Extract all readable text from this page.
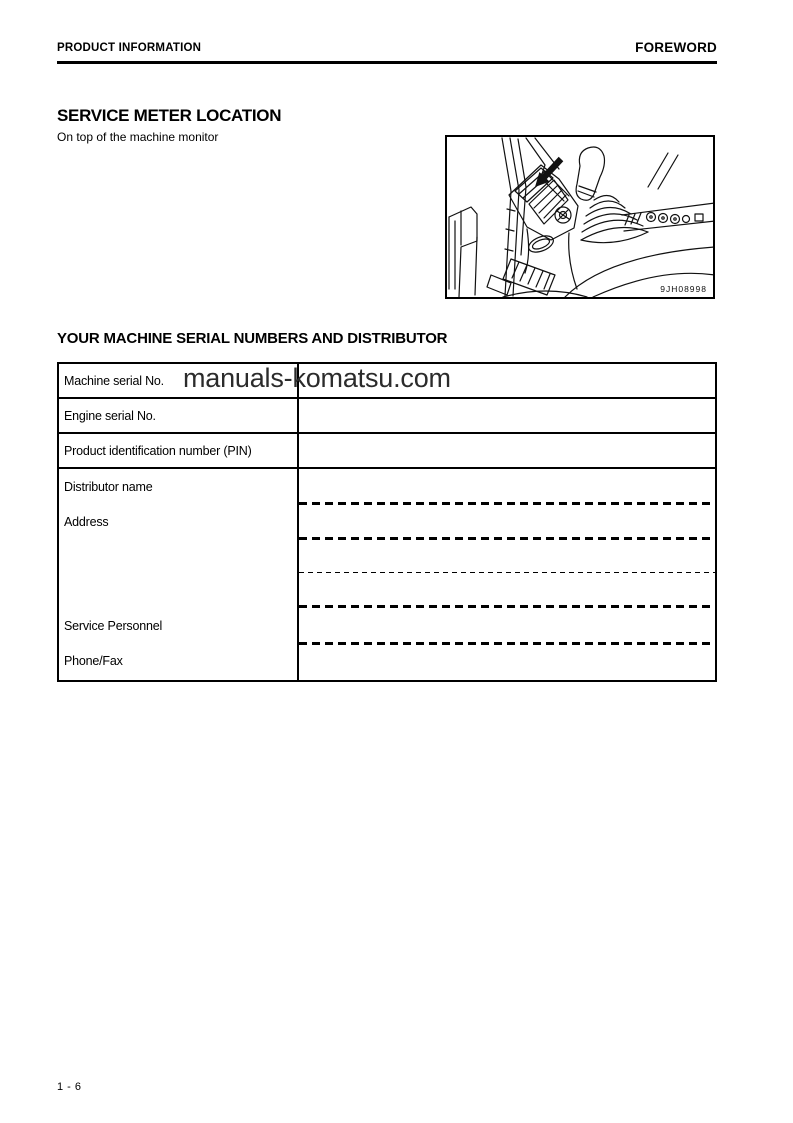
PRODUCT INFORMATION	FOREWORD
SERVICE METER LOCATION

On top of the machine monitor

9JH08998
YOUR MACHINE SERIAL NUMBERS AND DISTRIBUTOR
Machine serial No.
Engine serial No.
Product identification number (PIN)
Distributor name
Address
Service Personnel
Phone/Fax
manuals-komatsu.com
1 - 6
